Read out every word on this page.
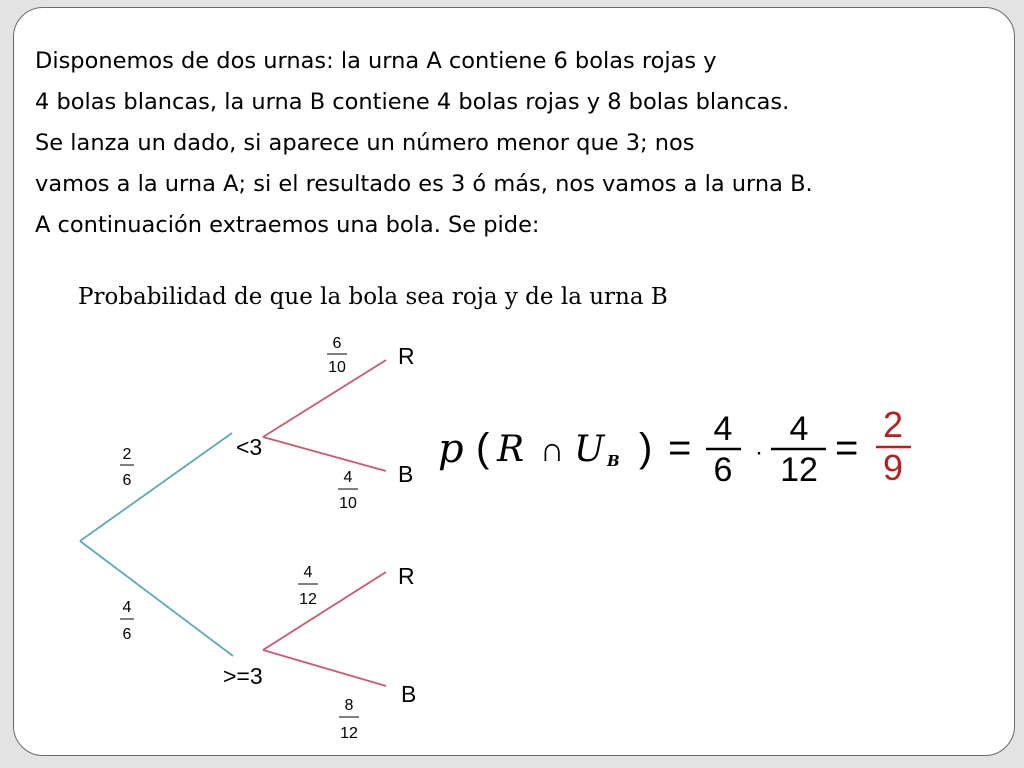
Disponemos de dos urnas: la urna A contiene 6 bolas rojas y

4 bolas blancas, la urna B contiene 4 bolas rojas y 8 bolas blancas.

Se lanza un dado, si aparece un número menor que 3; nos

vamos a la urna A; si el resultado es 3 ó más, nos vamos a la urna B.

A continuación extraemos una bola. Se pide:

Probabilidad de que la bola sea roja y de la urna B

<3
>=3
R
B
R
B
2
6
4
6
6
10
4
10
4
12
8
12
p ( R ∩ U B ) = 4
6 ·
4
12 =
2
9
